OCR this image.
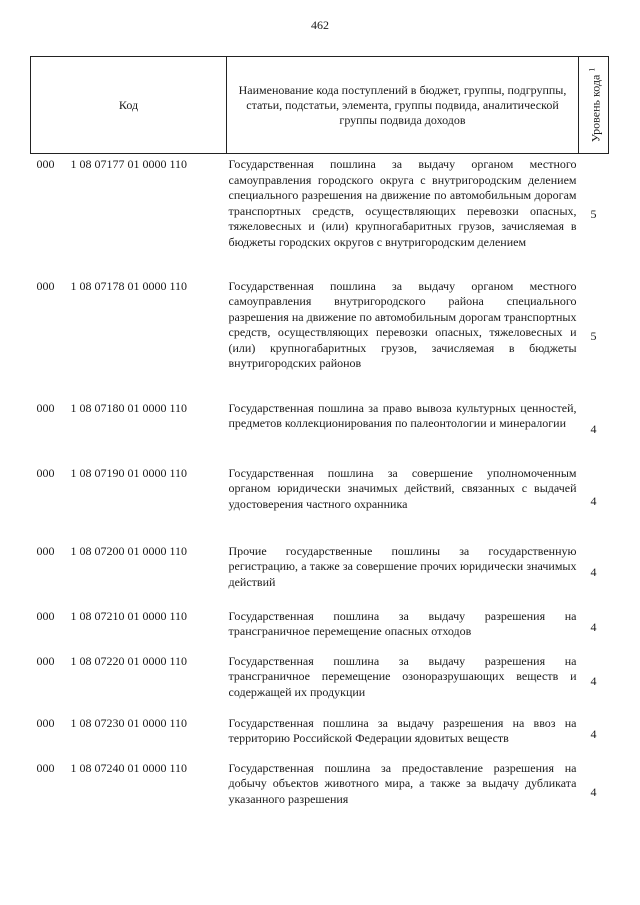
462
Код	Наименование кода поступлений в бюджет, группы, подгруппы, статьи, подстатьи, элемента, группы подвида, аналитической группы подвида доходов	Уровень кода $^1$

000 1 08 07177 01 0000 110	Государственная пошлина за выдачу органом местного самоуправления городского округа с внутригородским делением специального разрешения на движение по автомобильным дорогам транспортных средств, осуществляющих перевозки опасных, тяжеловесных и (или) крупногабаритных грузов, зачисляемая в бюджеты городских округов с внутригородским делением	5
000 1 08 07178 01 0000 110	Государственная пошлина за выдачу органом местного самоуправления внутригородского района специального разрешения на движение по автомобильным дорогам транспортных средств, осуществляющих перевозки опасных, тяжеловесных и (или) крупногабаритных грузов, зачисляемая в бюджеты внутригородских районов	5
000 1 08 07180 01 0000 110	Государственная пошлина за право вывоза культурных ценностей, предметов коллекционирования по палеонтологии и минералогии	4
000 1 08 07190 01 0000 110	Государственная пошлина за совершение уполномоченным органом юридически значимых действий, связанных с выдачей удостоверения частного охранника	4
000 1 08 07200 01 0000 110	Прочие государственные пошлины за государственную регистрацию, а также за совершение прочих юридически значимых действий	4
000 1 08 07210 01 0000 110	Государственная пошлина за выдачу разрешения на трансграничное перемещение опасных отходов	4
000 1 08 07220 01 0000 110	Государственная пошлина за выдачу разрешения на трансграничное перемещение озоноразрушающих веществ и содержащей их продукции	4
000 1 08 07230 01 0000 110	Государственная пошлина за выдачу разрешения на ввоз на территорию Российской Федерации ядовитых веществ	4
000 1 08 07240 01 0000 110	Государственная пошлина за предоставление разрешения на добычу объектов животного мира, а также за выдачу дубликата указанного разрешения	4
